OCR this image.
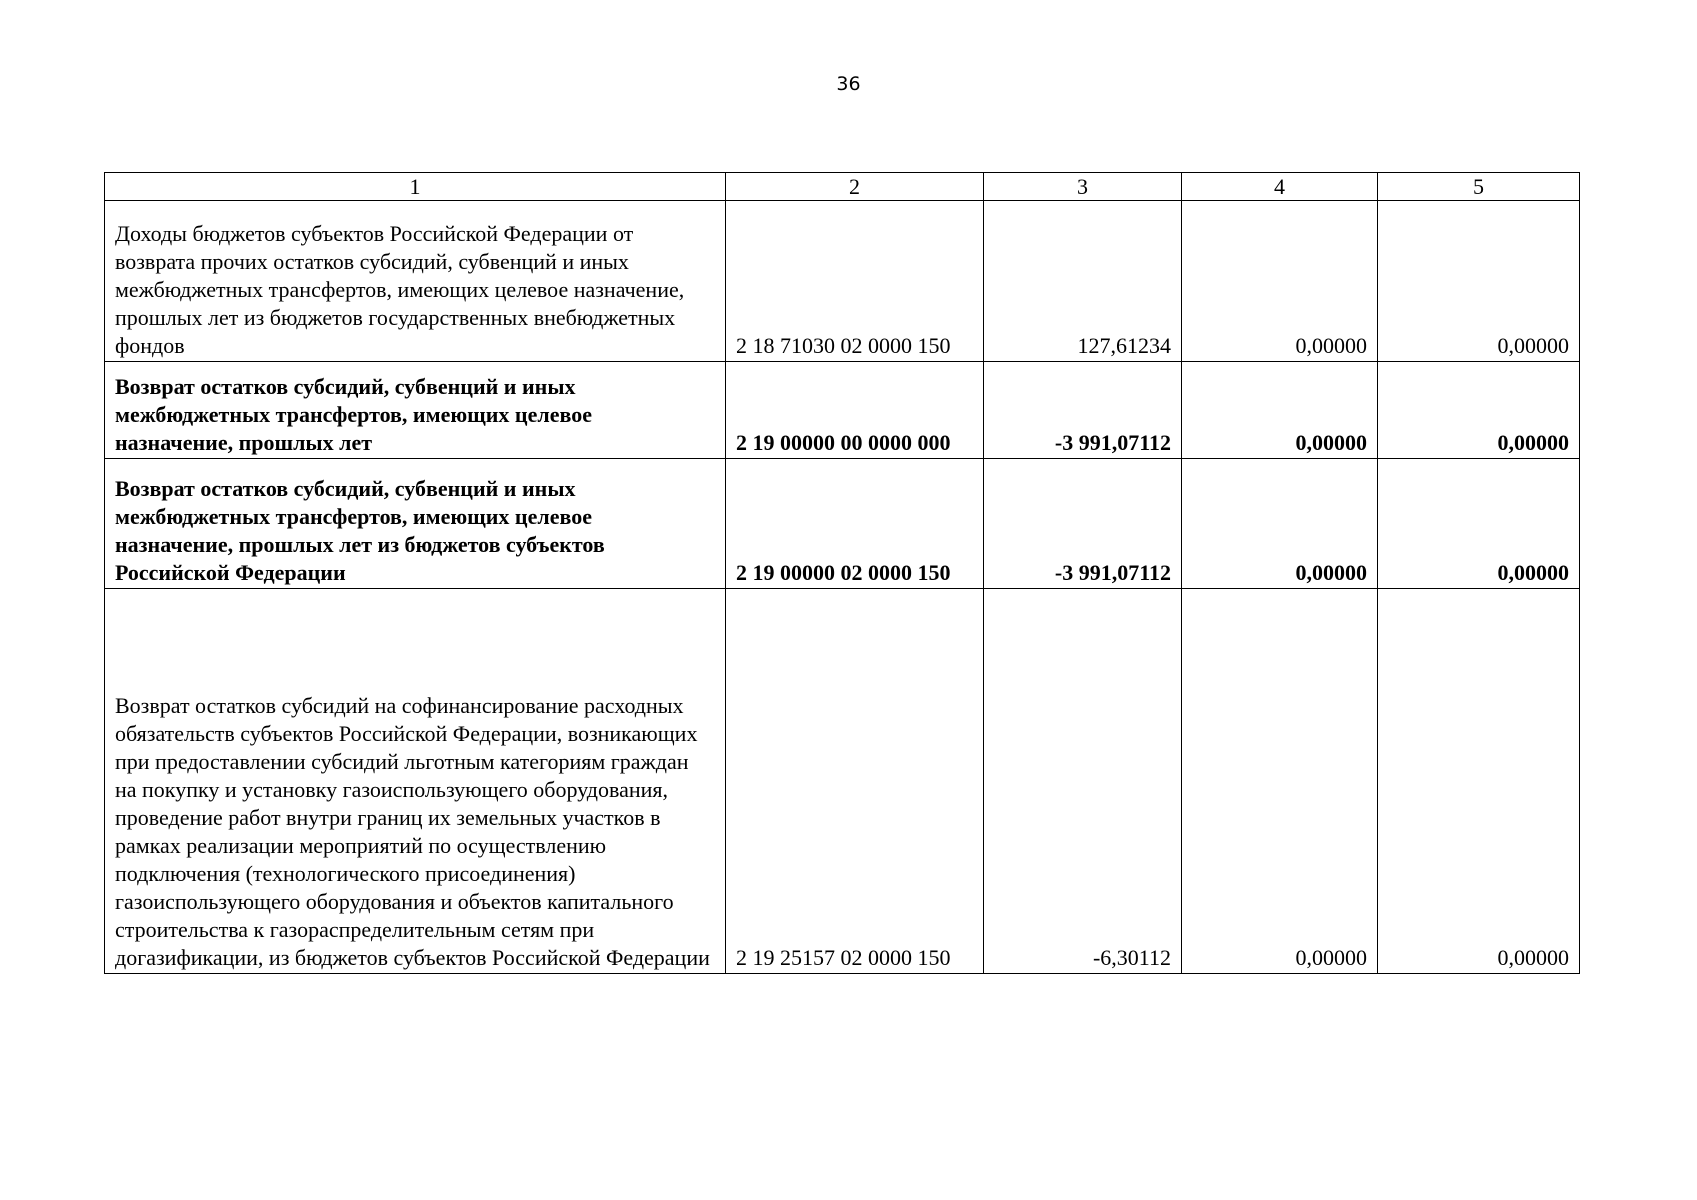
36
1	2	3	4	5
Доходы бюджетов субъектов Российской Федерации от возврата прочих остатков субсидий, субвенций и иных межбюджетных трансфертов, имеющих целевое назначение, прошлых лет из бюджетов государственных внебюджетных фондов	2 18 71030 02 0000 150	127,61234	0,00000	0,00000
Возврат остатков субсидий, субвенций и иных межбюджетных трансфертов, имеющих целевое назначение, прошлых лет	2 19 00000 00 0000 000	-3 991,07112	0,00000	0,00000
Возврат остатков субсидий, субвенций и иных межбюджетных трансфертов, имеющих целевое назначение, прошлых лет из бюджетов субъектов Российской Федерации	2 19 00000 02 0000 150	-3 991,07112	0,00000	0,00000
Возврат остатков субсидий на софинансирование расходных обязательств субъектов Российской Федерации, возникающих при предоставлении субсидий льготным категориям граждан на покупку и установку газоиспользующего оборудования, проведение работ внутри границ их земельных участков в рамках реализации мероприятий по осуществлению подключения (технологического присоединения) газоиспользующего оборудования и объектов капитального строительства к газораспределительным сетям при догазификации, из бюджетов субъектов Российской Федерации	2 19 25157 02 0000 150	-6,30112	0,00000	0,00000
